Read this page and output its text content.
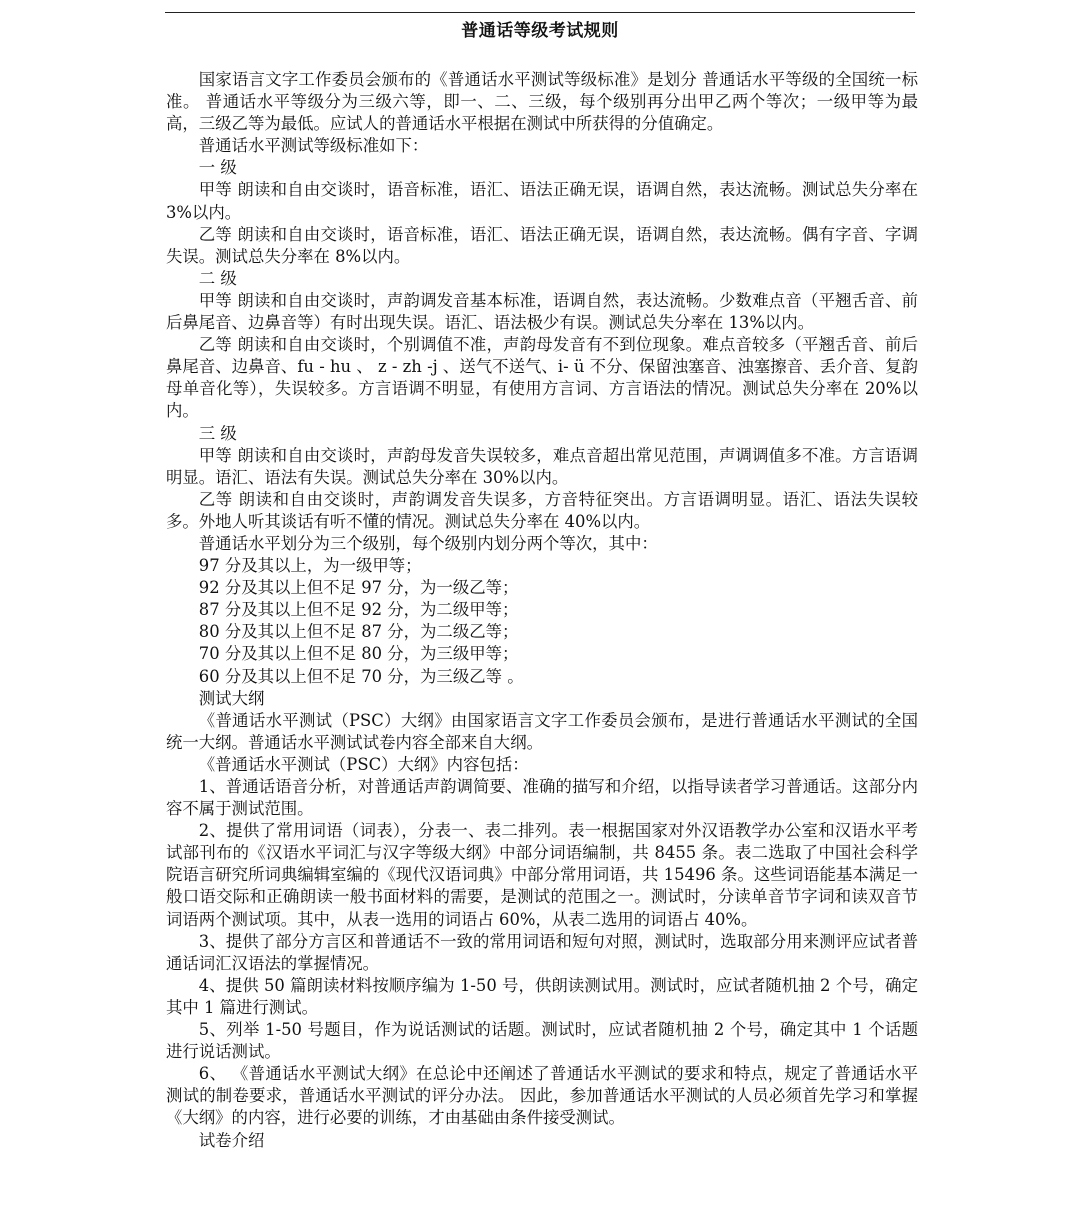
普通话等级考试规则

国家语言文字工作委员会颁布的《普通话水平测试等级标准》是划分 普通话水平等级的全国统一标准。 普通话水平等级分为三级六等，即一、二、三级，每个级别再分出甲乙两个等次；一级甲等为最高，三级乙等为最低。应试人的普通话水平根据在测试中所获得的分值确定。

普通话水平测试等级标准如下：

一 级

甲等 朗读和自由交谈时，语音标准，语汇、语法正确无误，语调自然，表达流畅。测试总失分率在 3%以内。

乙等 朗读和自由交谈时，语音标准，语汇、语法正确无误，语调自然，表达流畅。偶有字音、字调失误。测试总失分率在 8%以内。

二 级

甲等 朗读和自由交谈时，声韵调发音基本标准，语调自然，表达流畅。少数难点音（平翘舌音、前后鼻尾音、边鼻音等）有时出现失误。语汇、语法极少有误。测试总失分率在 13%以内。

乙等 朗读和自由交谈时，个别调值不准，声韵母发音有不到位现象。难点音较多（平翘舌音、前后鼻尾音、边鼻音、fu - hu 、 z - zh -j 、送气不送气、i- ü 不分、保留浊塞音、浊塞擦音、丢介音、复韵母单音化等），失误较多。方言语调不明显，有使用方言词、方言语法的情况。测试总失分率在 20%以内。

三 级

甲等 朗读和自由交谈时，声韵母发音失误较多，难点音超出常见范围，声调调值多不准。方言语调明显。语汇、语法有失误。测试总失分率在 30%以内。

乙等 朗读和自由交谈时，声韵调发音失误多，方音特征突出。方言语调明显。语汇、语法失误较多。外地人听其谈话有听不懂的情况。测试总失分率在 40%以内。

普通话水平划分为三个级别，每个级别内划分两个等次，其中：

97 分及其以上，为一级甲等；

92 分及其以上但不足 97 分，为一级乙等；

87 分及其以上但不足 92 分，为二级甲等；

80 分及其以上但不足 87 分，为二级乙等；

70 分及其以上但不足 80 分，为三级甲等；

60 分及其以上但不足 70 分，为三级乙等 。

测试大纲

《普通话水平测试（PSC）大纲》由国家语言文字工作委员会颁布，是进行普通话水平测试的全国统一大纲。普通话水平测试试卷内容全部来自大纲。

《普通话水平测试（PSC）大纲》内容包括：

1、普通话语音分析，对普通话声韵调简要、准确的描写和介绍，以指导读者学习普通话。这部分内容不属于测试范围。

2、提供了常用词语（词表），分表一、表二排列。表一根据国家对外汉语教学办公室和汉语水平考试部刊布的《汉语水平词汇与汉字等级大纲》中部分词语编制，共 8455 条。表二选取了中国社会科学院语言研究所词典编辑室编的《现代汉语词典》中部分常用词语，共 15496 条。这些词语能基本满足一般口语交际和正确朗读一般书面材料的需要，是测试的范围之一。测试时，分读单音节字词和读双音节词语两个测试项。其中，从表一选用的词语占 60%，从表二选用的词语占 40%。

3、提供了部分方言区和普通话不一致的常用词语和短句对照，测试时，选取部分用来测评应试者普通话词汇汉语法的掌握情况。

4、提供 50 篇朗读材料按顺序编为 1-50 号，供朗读测试用。测试时，应试者随机抽 2 个号，确定其中 1 篇进行测试。

5、列举 1-50 号题目，作为说话测试的话题。测试时，应试者随机抽 2 个号，确定其中 1 个话题进行说话测试。

6、 《普通话水平测试大纲》在总论中还阐述了普通话水平测试的要求和特点，规定了普通话水平测试的制卷要求，普通话水平测试的评分办法。 因此，参加普通话水平测试的人员必须首先学习和掌握《大纲》的内容，进行必要的训练，才由基础由条件接受测试。

试卷介绍
